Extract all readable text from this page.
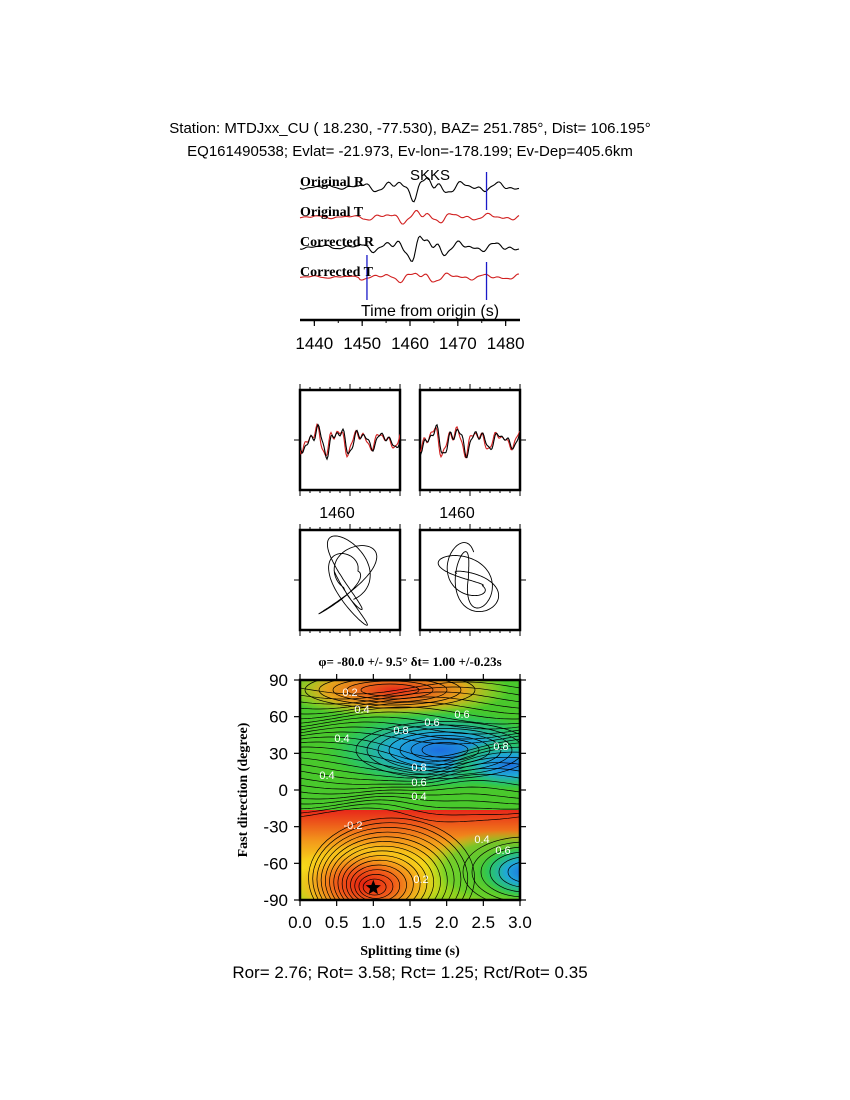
Station: MTDJxx_CU ( 18.230, -77.530), BAZ= 251.785°, Dist= 106.195°
EQ161490538; Evlat= -21.973, Ev-lon=-178.199; Ev-Dep=405.6km
SKKS
Original R
Original T
Corrected R
Corrected T
Time from origin (s)
1440 1450 1460 1470 1480
1460	1460
φ= -80.0 +/- 9.5° δt= 1.00 +/-0.23s
0.2
0.4
0.6
0.6
0.4
0.8
0.8
0.8
0.6
0.4
0.4
-0.2
0.4
0.6
0.2
0.0 0.5 1.0 1.5 2.0 2.5 3.0
90
60
30
0
-30
-60
-90
Splitting time (s)
Fast direction (degree)
Ror= 2.76; Rot= 3.58; Rct= 1.25; Rct/Rot= 0.35
